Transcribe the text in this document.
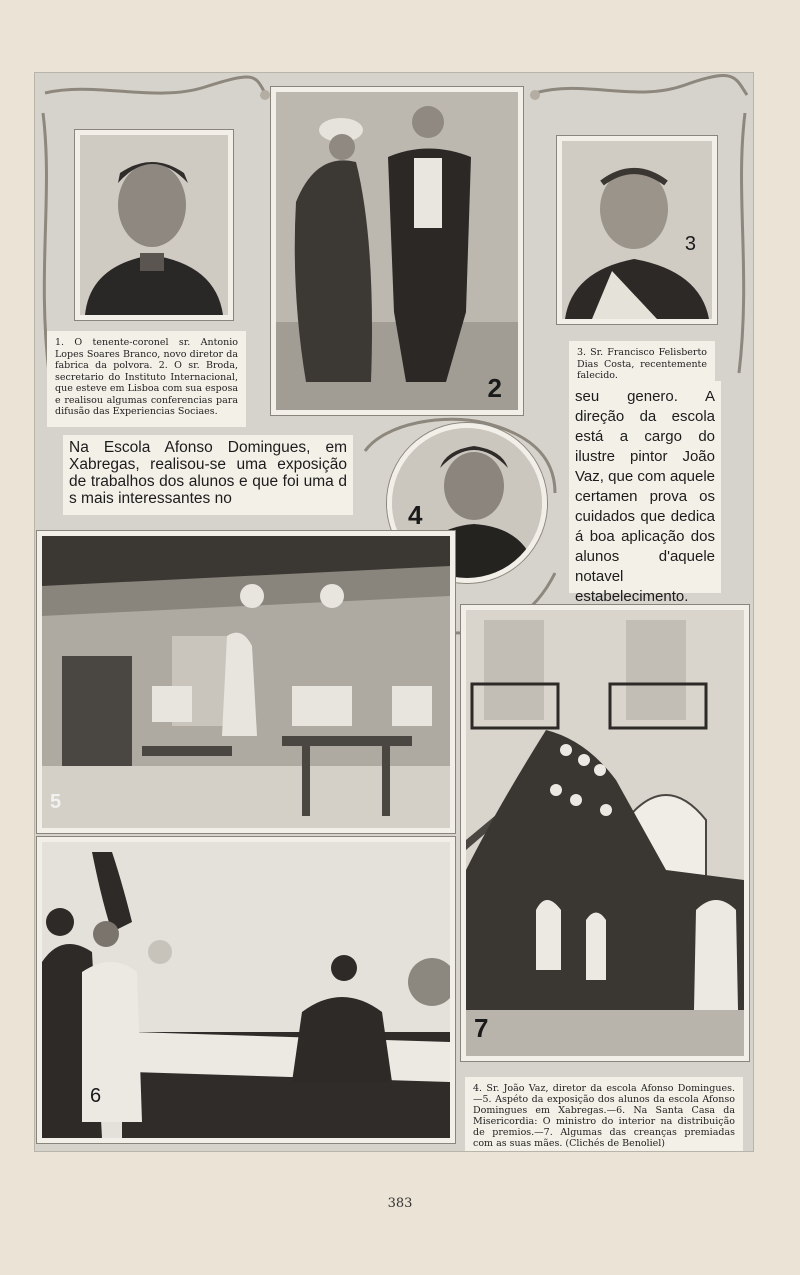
2
3
1. O tenente-coronel sr. Antonio Lopes Soares Branco, novo diretor da fabrica da polvora. 2. O sr. Broda, secretario do Instituto Internacional, que esteve em Lisboa com sua esposa e realisou algumas conferencias para difusão das Experiencias Sociaes.
3. Sr. Francisco Felisberto Dias Costa, recentemente falecido.
Na Escola Afonso Domingues, em Xabregas, realisou-se uma exposição de trabalhos dos alunos e que foi uma d s mais interessantes no
4
seu genero. A direção da escola está a cargo do ilustre pintor João Vaz, que com aquele certamen prova os cuidados que dedica á boa aplicação dos alunos d'aquele notavel estabelecimento.
5
6
7
4. Sr. João Vaz, diretor da escola Afonso Domingues. —5. Aspéto da exposição dos alunos da escola Afonso Domingues em Xabregas.—6. Na Santa Casa da Misericordia: O ministro do interior na distribuição de premios.—7. Algumas das creanças premiadas com as suas mães. (Clichés de Benoliel)
383
